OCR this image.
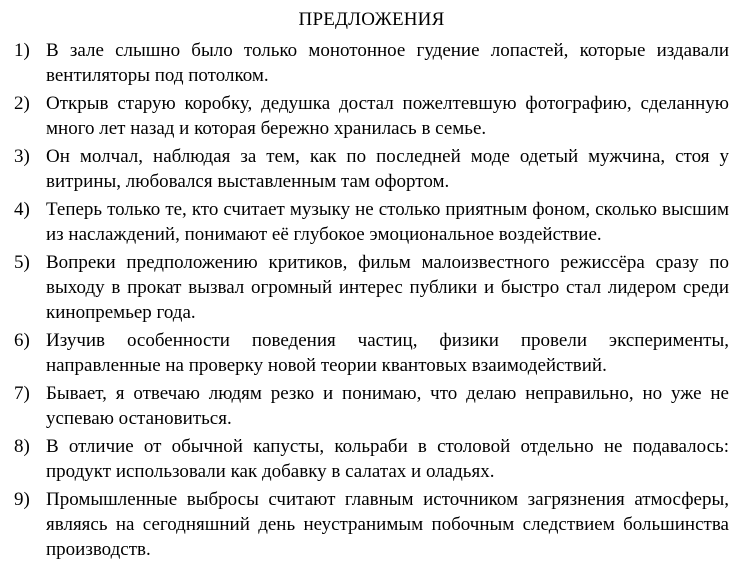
ПРЕДЛОЖЕНИЯ
1) В зале слышно было только монотонное гудение лопастей, которые издавали вентиляторы под потолком.
2) Открыв старую коробку, дедушка достал пожелтевшую фотографию, сделанную много лет назад и которая бережно хранилась в семье.
3) Он молчал, наблюдая за тем, как по последней моде одетый мужчина, стоя у витрины, любовался выставленным там офортом.
4) Теперь только те, кто считает музыку не столько приятным фоном, сколько высшим из наслаждений, понимают её глубокое эмоциональное воздействие.
5) Вопреки предположению критиков, фильм малоизвестного режиссёра сразу по выходу в прокат вызвал огромный интерес публики и быстро стал лидером среди кинопремьер года.
6) Изучив особенности поведения частиц, физики провели эксперименты, направленные на проверку новой теории квантовых взаимодействий.
7) Бывает, я отвечаю людям резко и понимаю, что делаю неправильно, но уже не успеваю остановиться.
8) В отличие от обычной капусты, кольраби в столовой отдельно не подавалось: продукт использовали как добавку в салатах и оладьях.
9) Промышленные выбросы считают главным источником загрязнения атмосферы, являясь на сегодняшний день неустранимым побочным следствием большинства производств.
